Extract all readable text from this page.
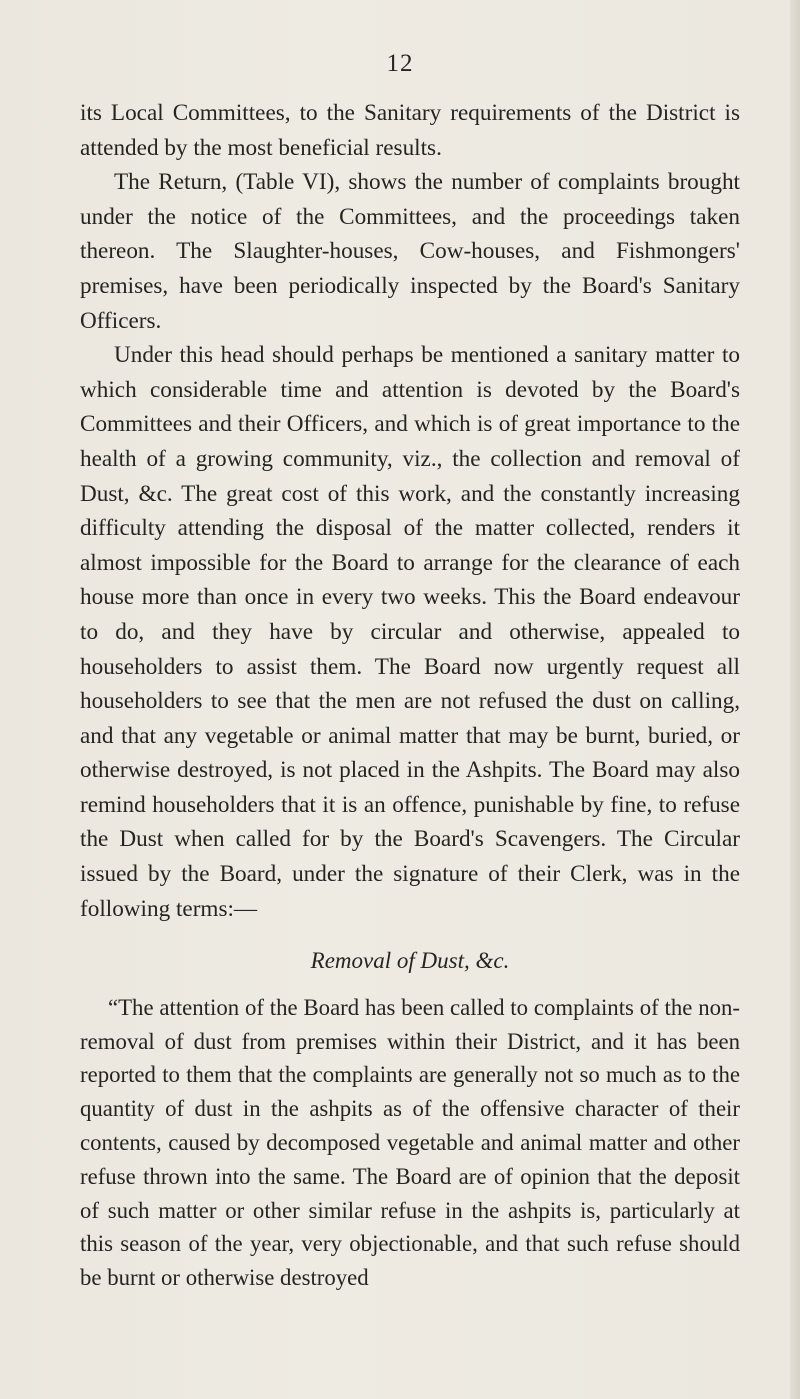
12

its Local Committees, to the Sanitary requirements of the District is attended by the most beneficial results.

The Return, (Table VI), shows the number of complaints brought under the notice of the Committees, and the proceedings taken thereon. The Slaughter-houses, Cow-houses, and Fishmongers' premises, have been periodically inspected by the Board's Sanitary Officers.

Under this head should perhaps be mentioned a sanitary matter to which considerable time and attention is devoted by the Board's Committees and their Officers, and which is of great importance to the health of a growing community, viz., the collection and removal of Dust, &c. The great cost of this work, and the constantly increasing difficulty attending the disposal of the matter collected, renders it almost impossible for the Board to arrange for the clearance of each house more than once in every two weeks. This the Board endeavour to do, and they have by circular and otherwise, appealed to householders to assist them. The Board now urgently request all householders to see that the men are not refused the dust on calling, and that any vegetable or animal matter that may be burnt, buried, or otherwise destroyed, is not placed in the Ashpits. The Board may also remind householders that it is an offence, punishable by fine, to refuse the Dust when called for by the Board's Scavengers. The Circular issued by the Board, under the signature of their Clerk, was in the following terms:—

Removal of Dust, &c.

“The attention of the Board has been called to complaints of the non-removal of dust from premises within their District, and it has been reported to them that the complaints are generally not so much as to the quantity of dust in the ashpits as of the offensive character of their contents, caused by decomposed vegetable and animal matter and other refuse thrown into the same. The Board are of opinion that the deposit of such matter or other similar refuse in the ashpits is, particularly at this season of the year, very objectionable, and that such refuse should be burnt or otherwise destroyed
